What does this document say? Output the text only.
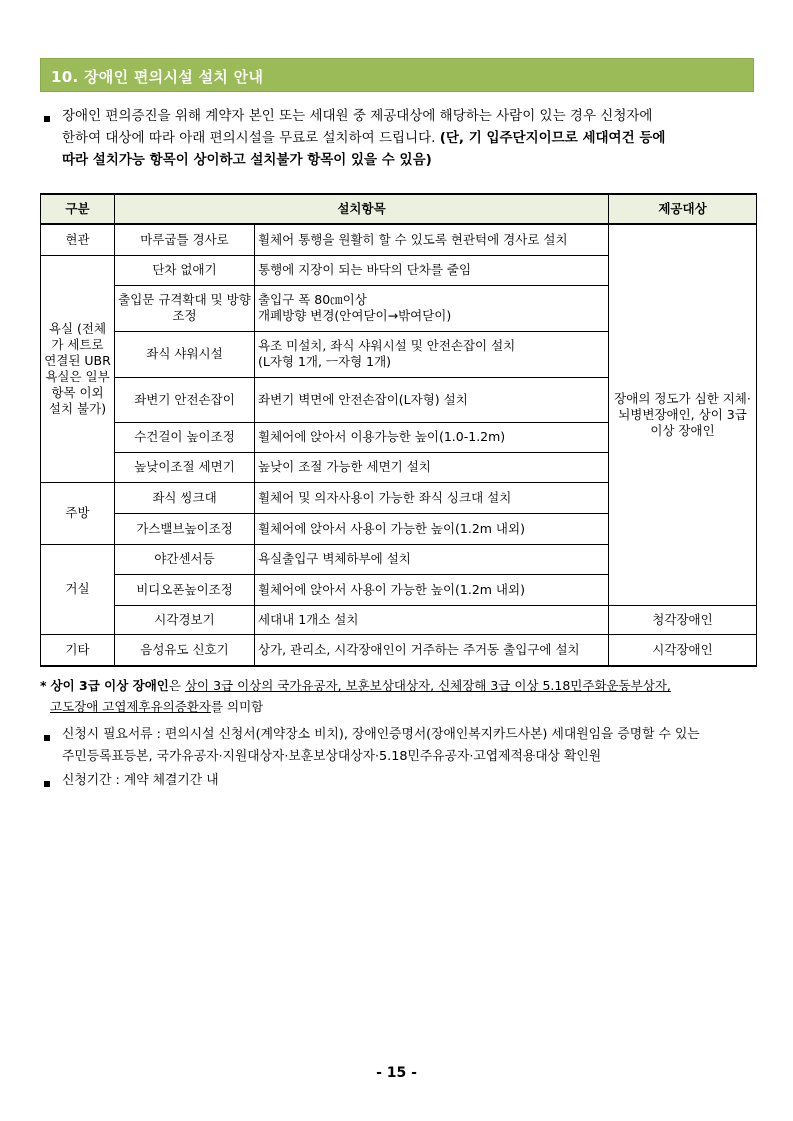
10. 장애인 편의시설 설치 안내
장애인 편의증진을 위해 계약자 본인 또는 세대원 중 제공대상에 해당하는 사람이 있는 경우 신청자에
한하여 대상에 따라 아래 편의시설을 무료로 설치하여 드립니다. (단, 기 입주단지이므로 세대여건 등에
따라 설치가능 항목이 상이하고 설치불가 항목이 있을 수 있음)
구분	설치항목		제공대상
현관	마루굽틀 경사로	휠체어 통행을 원활히 할 수 있도록 현관턱에 경사로 설치	장애의 정도가 심한 지체·뇌병변장애인, 상이 3급 이상 장애인
욕실 (전체가 세트로 연결된 UBR 욕실은 일부 항목 이외 설치 불가)	단차 없애기	통행에 지장이 되는 바닥의 단차를 줄임	
	출입문 규격확대 및 방향 조정	출입구 폭 80㎝이상
개폐방향 변경(안여닫이→밖여닫이)	

	좌식 샤워시설	욕조 미설치, 좌식 샤워시설 및 안전손잡이 설치
(L자형 1개, ㅡ자형 1개)	

	좌변기 안전손잡이	좌변기 벽면에 안전손잡이(L자형) 설치	
	수건걸이 높이조정	휠체어에 앉아서 이용가능한 높이(1.0-1.2m)	
	높낮이조절 세면기	높낮이 조절 가능한 세면기 설치	
주방	좌식 씽크대	휠체어 및 의자사용이 가능한 좌식 싱크대 설치	
	가스밸브높이조정	휠체어에 앉아서 사용이 가능한 높이(1.2m 내외)	
거실	야간센서등	욕실출입구 벽체하부에 설치	
	비디오폰높이조정	휠체어에 앉아서 사용이 가능한 높이(1.2m 내외)	
	시각경보기	세대내 1개소 설치	청각장애인
기타	음성유도 신호기	상가, 관리소, 시각장애인이 거주하는 주거동 출입구에 설치	시각장애인
* 상이 3급 이상 장애인은 상이 3급 이상의 국가유공자, 보훈보상대상자, 신체장해 3급 이상 5.18민주화운동부상자,
고도장애 고엽제후유의증환자를 의미함
신청시 필요서류 : 편의시설 신청서(계약장소 비치), 장애인증명서(장애인복지카드사본) 세대원임을 증명할 수 있는
주민등록표등본, 국가유공자·지원대상자·보훈보상대상자·5.18민주유공자·고엽제적용대상 확인원
신청기간 : 계약 체결기간 내
- 15 -
